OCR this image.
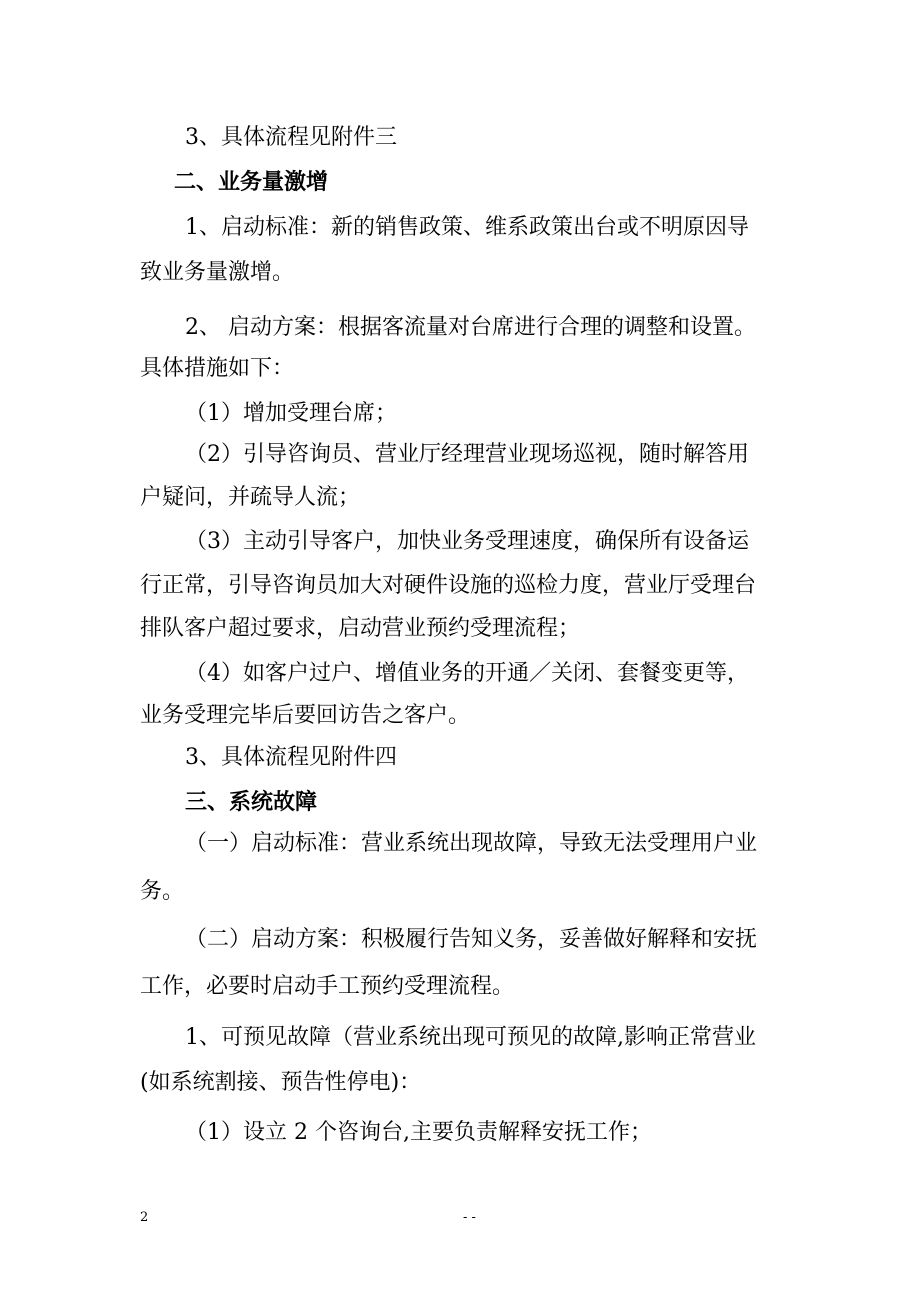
3、具体流程见附件三

二、业务量激增

1、启动标准：新的销售政策、维系政策出台或不明原因导

致业务量激增。

2、 启动方案：根据客流量对台席进行合理的调整和设置。

具体措施如下：

（1）增加受理台席；

（2）引导咨询员、营业厅经理营业现场巡视，随时解答用

户疑问，并疏导人流；

（3）主动引导客户，加快业务受理速度，确保所有设备运

行正常，引导咨询员加大对硬件设施的巡检力度，营业厅受理台

排队客户超过要求，启动营业预约受理流程；

（4）如客户过户、增值业务的开通／关闭、套餐变更等，

业务受理完毕后要回访告之客户。

3、具体流程见附件四

三、系统故障

（一）启动标准：营业系统出现故障，导致无法受理用户业

务。

（二）启动方案：积极履行告知义务，妥善做好解释和安抚

工作，必要时启动手工预约受理流程。

1、可预见故障（营业系统出现可预见的故障,影响正常营业

(如系统割接、预告性停电)：

（1）设立 2 个咨询台,主要负责解释安抚工作；

2	- -
